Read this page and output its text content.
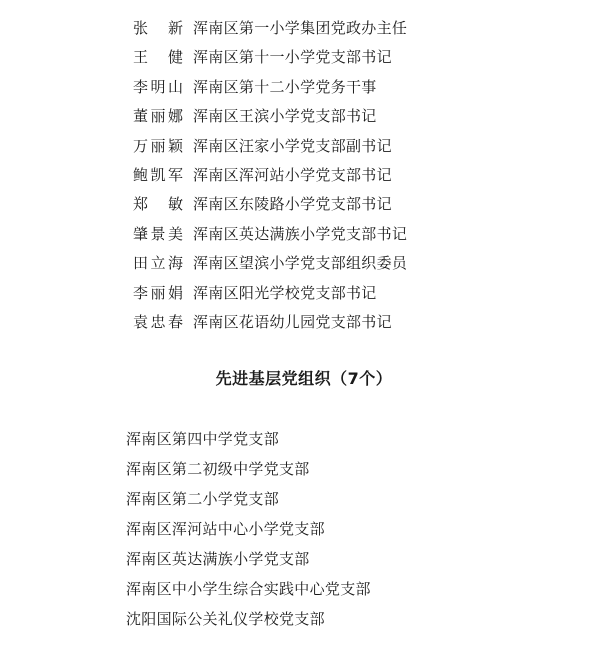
张　新 浑南区第一小学集团党政办主任
王　健 浑南区第十一小学党支部书记
李明山 浑南区第十二小学党务干事
董丽娜 浑南区王滨小学党支部书记
万丽颖 浑南区汪家小学党支部副书记
鲍凯军 浑南区浑河站小学党支部书记
郑　敏 浑南区东陵路小学党支部书记
肇景美 浑南区英达满族小学党支部书记
田立海 浑南区望滨小学党支部组织委员
李丽娟 浑南区阳光学校党支部书记
袁忠春 浑南区花语幼儿园党支部书记
先进基层党组织（7个）
浑南区第四中学党支部
浑南区第二初级中学党支部
浑南区第二小学党支部
浑南区浑河站中心小学党支部
浑南区英达满族小学党支部
浑南区中小学生综合实践中心党支部
沈阳国际公关礼仪学校党支部
